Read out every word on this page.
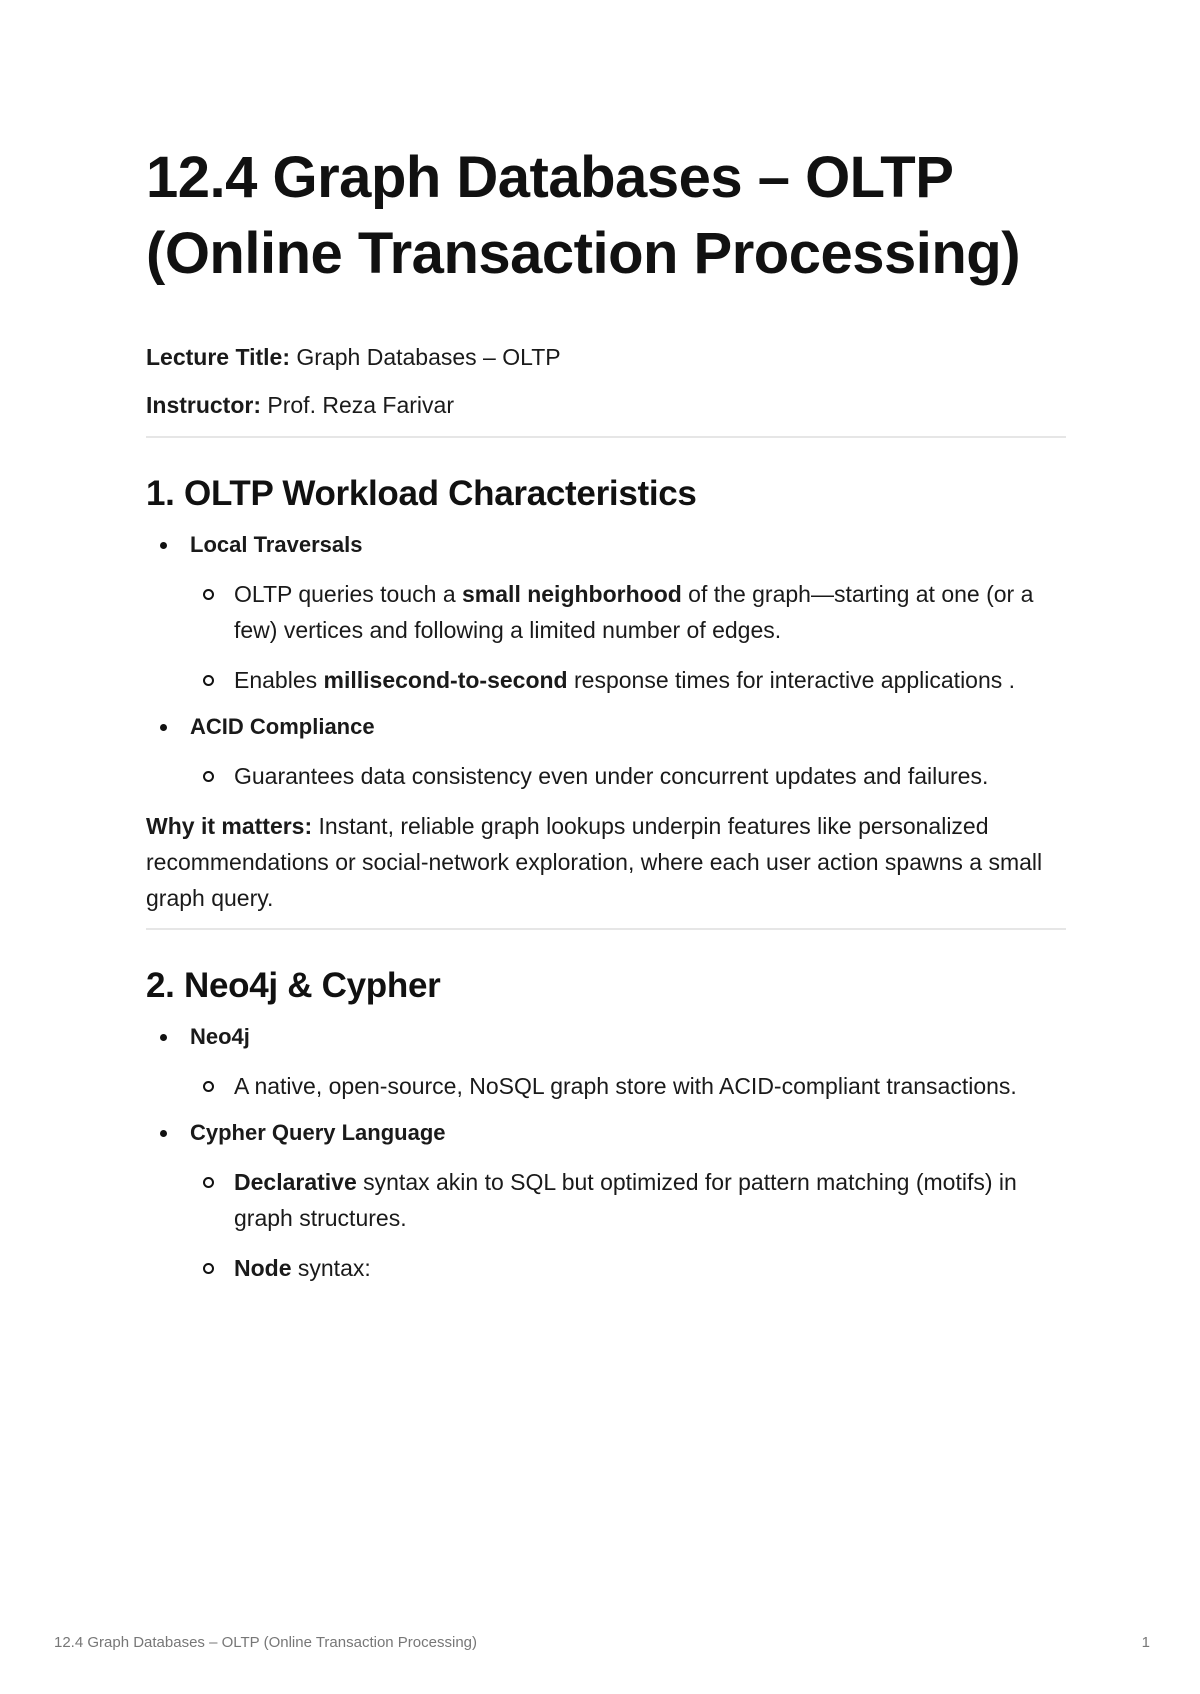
12.4 Graph Databases – OLTP (Online Transaction Processing)

Lecture Title: Graph Databases – OLTP

Instructor: Prof. Reza Farivar

1. OLTP Workload Characteristics
Local Traversals
OLTP queries touch a small neighborhood of the graph—starting at one (or a few) vertices and following a limited number of edges.
Enables millisecond-to-second response times for interactive applications .
ACID Compliance
Guarantees data consistency even under concurrent updates and failures.

Why it matters: Instant, reliable graph lookups underpin features like personalized recommendations or social-network exploration, where each user action spawns a small graph query.

2. Neo4j & Cypher
Neo4j
A native, open-source, NoSQL graph store with ACID-compliant transactions.
Cypher Query Language
Declarative syntax akin to SQL but optimized for pattern matching (motifs) in graph structures.
Node syntax:
12.4 Graph Databases – OLTP (Online Transaction Processing)	1
